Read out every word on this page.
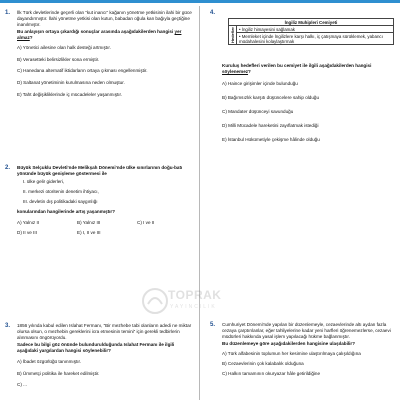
1. İlk Türk devletlerinde geçerli olan “kut inancı” kağanın yönetme yetkisinin ilahi bir güce dayandırmıştır. İlahi yönetme yetkisi olan kutun, babadan oğula kan bağıyla geçtiğine inanılmıştır.

Bu anlayışın ortaya çıkardığı sonuçlar arasında aşağıdakilerden hangisi yer almaz?

A) Yönetici ailesine olan halk desteği artmıştır.
B) Verasetteki belirsizlikler sona ermiştir.
C) Hanedana alternatif iktidarların ortaya çıkması engellenmiştir.
D) Saltanat yönetiminin kurulmasına neden olmuştur.
E) Taht değişikliklerinde iç mücadeleler yaşanmıştır.
2. Büyük Selçuklu Devleti'nde Melikşah Dönemi'nde ülke sınırlarının doğu-batı yönünde büyük genişleme göstermesi ile

I. ülke gelir giderleri,
II. merkezi otoritenin denetim ihtiyacı,
III. devletin dış politikadaki saygınlığı

konularından hangilerinde artış yaşanmıştır?

A) Yalnız II	B) Yalnız III	C) I ve II
D) II ve III	E) I, II ve III
TOPRAK
YAYINCILIK
3. 1856 yılında kabul edilen Islahat Fermanı, “Bir mezhebe tabi olanların adedi ne miktar olursa olsun, o mezhebin gereklerini icra etmesinin temini” için gerekli tedbirlerin alınmasını öngörüyordu.

Sadece bu bilgi göz önünde bulundurulduğunda Islahat Fermanı ile ilgili aşağıdaki yargılardan hangisi söylenebilir?

A) İbadet özgürlüğü tanınmıştır.
B) Ümmetçi politika ile hareket edilmiştir.
C) ...
4.
İngiliz Muhipleri Cemiyeti

Hedefler	• İngiliz himayesini sağlamak
• Memleket içinde İngilizlere karşı halkı, iç çatışmaya sürüklemek, yabancı müdahalesini kolaylaştırmak

Kuruluş hedefleri verilen bu cemiyet ile ilgili aşağıdakilerden hangisi söylenemez?

A) Haince girişimler içinde bulunduğu
B) Bağımsızlık karşıtı düşüncelere sahip olduğu
C) Mandater düşünceyi savunduğu
D) Milli Mücadele hareketini zayıflatmak istediği
E) İstanbul Hükümetiyle çekişme hâlinde olduğu
5. Cumhuriyet Dönemi'nde yapılan bir düzenlemeyle, cezaevlerinde altı aydan fazla cezaya çarptırılanlar, eğer tahliyelerine kadar yeni harfleri öğrenemezlerse, cezaevi müdürleri hakkında yasal işlem yapılacağı hükme bağlanmıştır.

Bu düzenlemeye göre aşağıdakilerden hangisine ulaşılabilir?

A) Türk alfabesinin toplumun her kesimine ulaştırılmaya çalışıldığına
B) Cezaevlerinin çok kalabalık olduğuna
C) Halkın tamamının okuryazar hâle getirildiğine
